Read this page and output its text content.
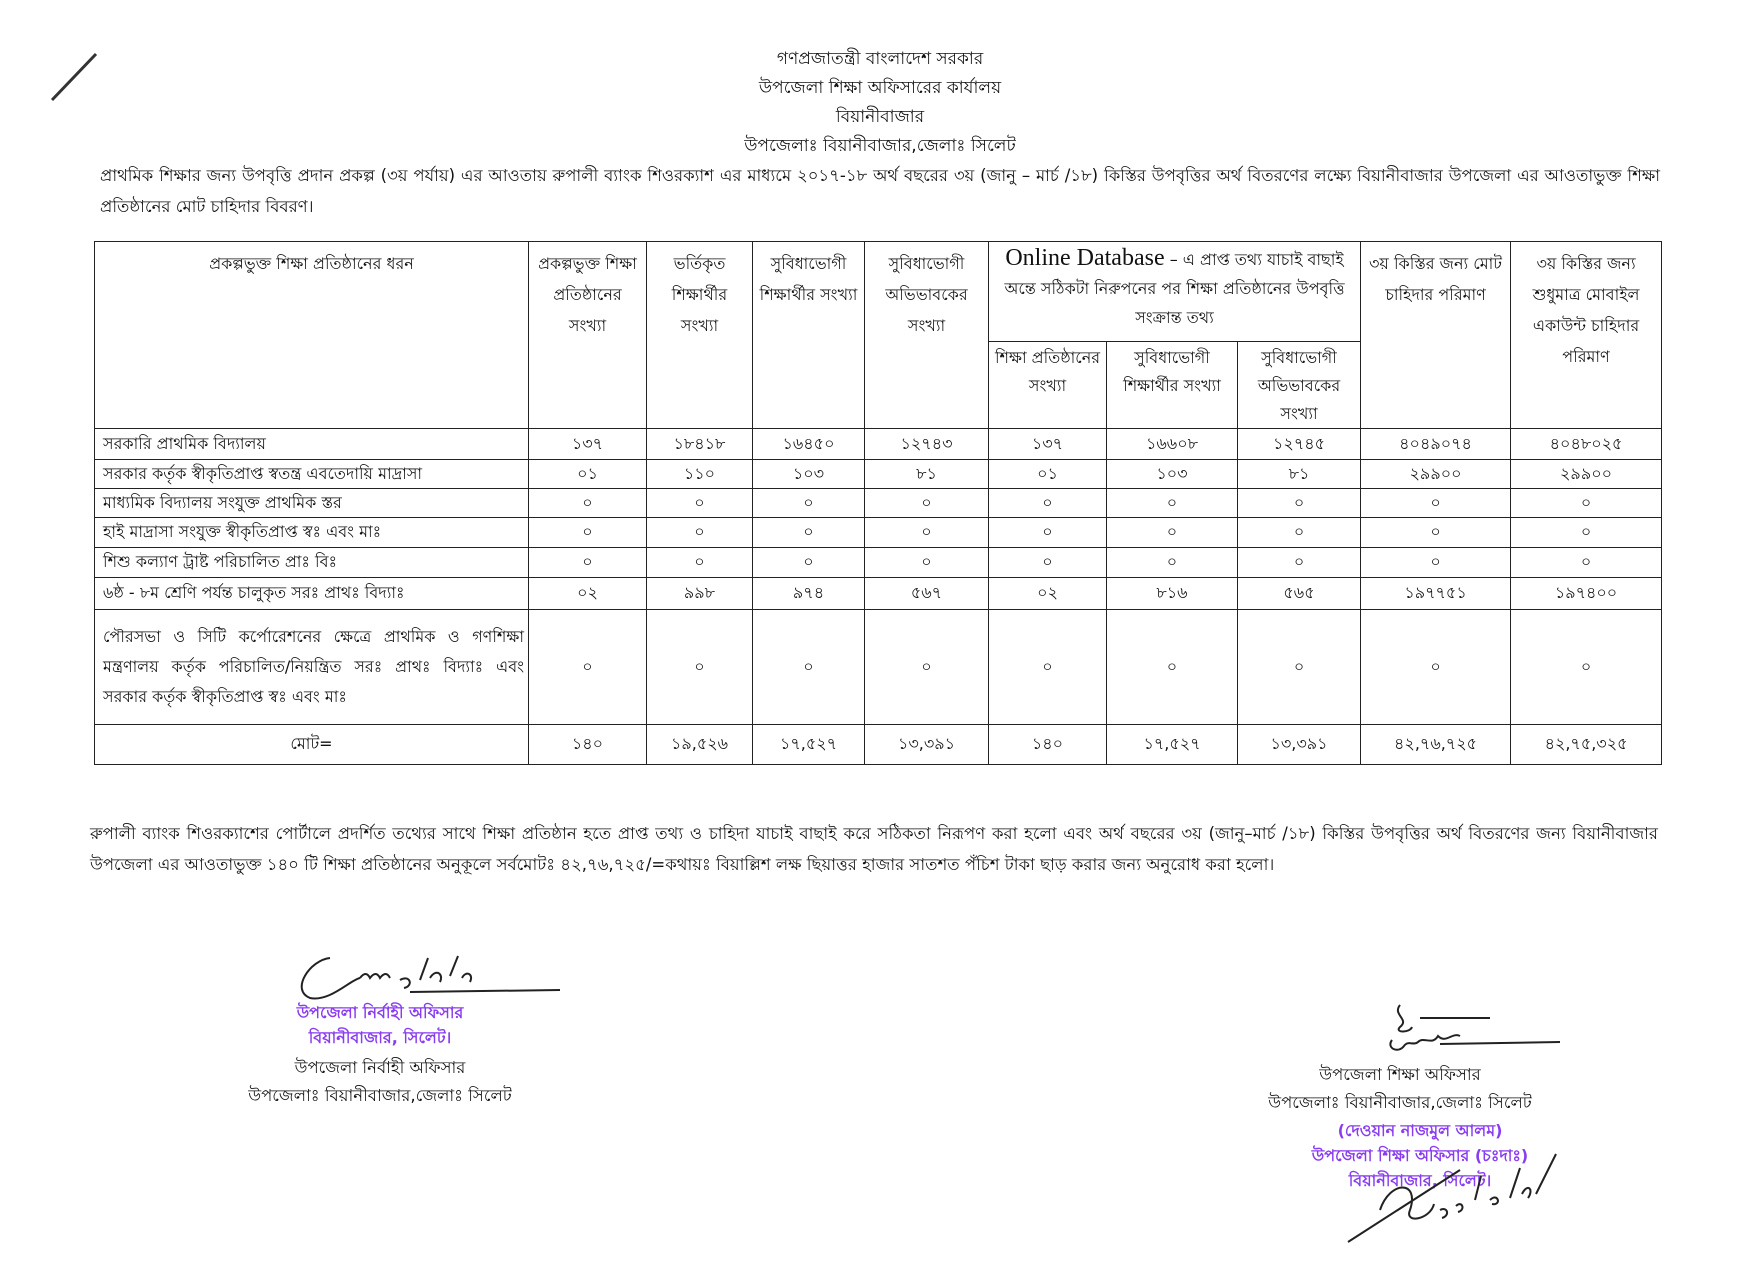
গণপ্রজাতন্ত্রী বাংলাদেশ সরকার
উপজেলা শিক্ষা অফিসারের কার্যালয়
বিয়ানীবাজার
উপজেলাঃ বিয়ানীবাজার,জেলাঃ সিলেট
প্রাথমিক শিক্ষার জন্য উপবৃত্তি প্রদান প্রকল্প (৩য় পর্যায়) এর আওতায় রুপালী ব্যাংক শিওরক্যাশ এর মাধ্যমে ২০১৭-১৮ অর্থ বছরের ৩য় (জানু – মার্চ /১৮) কিস্তির উপবৃত্তির অর্থ বিতরণের লক্ষ্যে বিয়ানীবাজার উপজেলা এর আওতাভুক্ত শিক্ষা প্রতিষ্ঠানের মোট চাহিদার বিবরণ।
প্রকল্পভুক্ত শিক্ষা প্রতিষ্ঠানের ধরন	প্রকল্পভুক্ত শিক্ষা প্রতিষ্ঠানের সংখ্যা	ভর্তিকৃত শিক্ষার্থীর সংখ্যা	সুবিধাভোগী শিক্ষার্থীর সংখ্যা	সুবিধাভোগী অভিভাবকের সংখ্যা	Online Database – এ প্রাপ্ত তথ্য যাচাই বাছাই অন্তে সঠিকটা নিরুপনের পর শিক্ষা প্রতিষ্ঠানের উপবৃত্তি সংক্রান্ত তথ্য			৩য় কিস্তির জন্য মোট চাহিদার পরিমাণ	৩য় কিস্তির জন্য শুধুমাত্র মোবাইল একাউন্ট চাহিদার পরিমাণ
					শিক্ষা প্রতিষ্ঠানের সংখ্যা	সুবিধাভোগী শিক্ষার্থীর সংখ্যা	সুবিধাভোগী অভিভাবকের সংখ্যা		
সরকারি প্রাথমিক বিদ্যালয়	১৩৭	১৮৪১৮	১৬৪৫০	১২৭৪৩	১৩৭	১৬৬০৮	১২৭৪৫	৪০৪৯০৭৪	৪০৪৮০২৫
সরকার কর্তৃক স্বীকৃতিপ্রাপ্ত স্বতন্ত্র এবতেদায়ি মাদ্রাসা	০১	১১০	১০৩	৮১	০১	১০৩	৮১	২৯৯০০	২৯৯০০
মাধ্যমিক বিদ্যালয় সংযুক্ত প্রাথমিক স্তর	০	০	০	০	০	০	০	০	০
হাই মাদ্রাসা সংযুক্ত স্বীকৃতিপ্রাপ্ত স্বঃ এবং মাঃ	০	০	০	০	০	০	০	০	০
শিশু কল্যাণ ট্রাষ্ট পরিচালিত প্রাঃ বিঃ	০	০	০	০	০	০	০	০	০
৬ষ্ঠ - ৮ম শ্রেণি পর্যন্ত চালুকৃত সরঃ প্রাথঃ বিদ্যাঃ	০২	৯৯৮	৯৭৪	৫৬৭	০২	৮১৬	৫৬৫	১৯৭৭৫১	১৯৭৪০০
পৌরসভা ও সিটি কর্পোরেশনের ক্ষেত্রে প্রাথমিক ও গণশিক্ষা মন্ত্রণালয় কর্তৃক পরিচালিত/নিয়ন্ত্রিত সরঃ প্রাথঃ বিদ্যাঃ এবং সরকার কর্তৃক স্বীকৃতিপ্রাপ্ত স্বঃ এবং মাঃ	০	০	০	০	০	০	০	০	০
মোট=	১৪০	১৯,৫২৬	১৭,৫২৭	১৩,৩৯১	১৪০	১৭,৫২৭	১৩,৩৯১	৪২,৭৬,৭২৫	৪২,৭৫,৩২৫
রুপালী ব্যাংক শিওরক্যাশের পোর্টালে প্রদর্শিত তথ্যের সাথে শিক্ষা প্রতিষ্ঠান হতে প্রাপ্ত তথ্য ও চাহিদা যাচাই বাছাই করে সঠিকতা নিরূপণ করা হলো এবং অর্থ বছরের ৩য় (জানু–মার্চ /১৮) কিস্তির উপবৃত্তির অর্থ বিতরণের জন্য বিয়ানীবাজার উপজেলা এর আওতাভুক্ত ১৪০ টি শিক্ষা প্রতিষ্ঠানের অনুকূলে সর্বমোটঃ ৪২,৭৬,৭২৫/=কথায়ঃ বিয়াল্লিশ লক্ষ ছিয়াত্তর হাজার সাতশত পঁচিশ টাকা ছাড় করার জন্য অনুরোধ করা হলো।
উপজেলা নির্বাহী অফিসার
বিয়ানীবাজার, সিলেট।
উপজেলা নির্বাহী অফিসার
উপজেলাঃ বিয়ানীবাজার,জেলাঃ সিলেট
উপজেলা শিক্ষা অফিসার
উপজেলাঃ বিয়ানীবাজার,জেলাঃ সিলেট
(দেওয়ান নাজমুল আলম)
উপজেলা শিক্ষা অফিসার (চঃদাঃ)
বিয়ানীবাজার, সিলেট।
